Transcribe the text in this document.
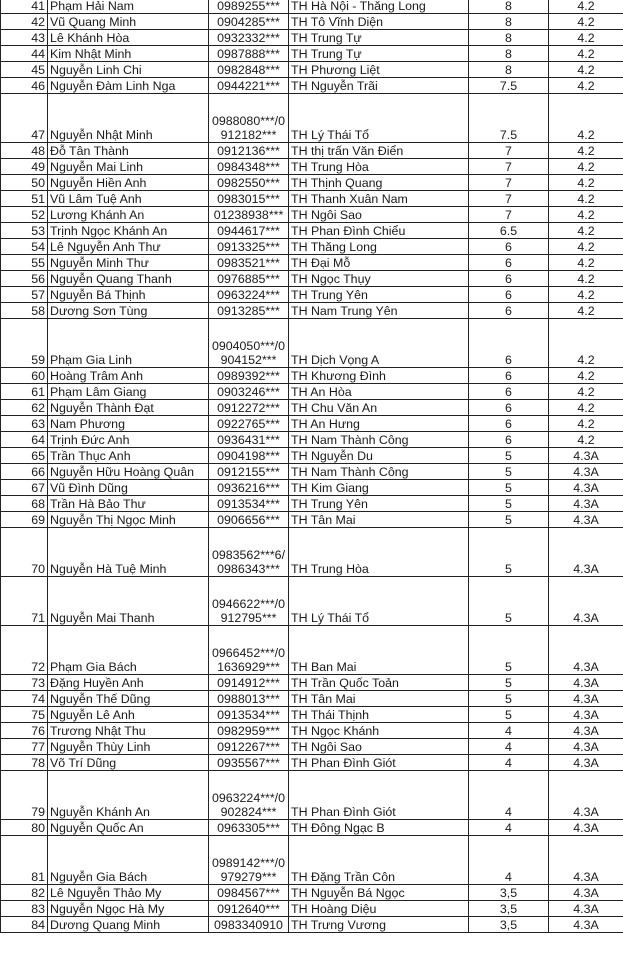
41	Phạm Hải Nam	0989255***	TH Hà Nội - Thăng Long	8	4.2
42	Vũ Quang Minh	0904285***	TH Tô Vĩnh Diện	8	4.2
43	Lê Khánh Hòa	0932332***	TH Trung Tự	8	4.2
44	Kim Nhật Minh	0987888***	TH Trung Tự	8	4.2
45	Nguyễn Linh Chi	0982848***	TH Phương Liệt	8	4.2
46	Nguyễn Đàm Linh Nga	0944221***	TH Nguyễn Trãi	7.5	4.2
47	Nguyễn Nhật Minh	0988080***/0
912182***	TH Lý Thái Tổ	7.5	4.2
48	Đỗ Tân Thành	0912136***	TH thị trấn Văn Điển	7	4.2
49	Nguyễn Mai Linh	0984348***	TH Trung Hòa	7	4.2
50	Nguyễn Hiền Anh	0982550***	TH Thịnh Quang	7	4.2
51	Vũ Lâm Tuệ Anh	0983015***	TH Thanh Xuân Nam	7	4.2
52	Lương Khánh An	01238938***	TH Ngôi Sao	7	4.2
53	Trịnh Ngọc Khánh An	0944617***	TH Phan Đình Chiểu	6.5	4.2
54	Lê Nguyễn Anh Thư	0913325***	TH Thăng Long	6	4.2
55	Nguyễn Minh Thư	0983521***	TH Đại Mỗ	6	4.2
56	Nguyễn Quang Thanh	0976885***	TH Ngọc Thụy	6	4.2
57	Nguyễn Bá Thịnh	0963224***	TH Trung Yên	6	4.2
58	Dương Sơn Tùng	0913285***	TH Nam Trung Yên	6	4.2
59	Phạm Gia Linh	0904050***/0
904152***	TH Dịch Vọng A	6	4.2
60	Hoàng Trâm Anh	0989392***	TH Khương Đình	6	4.2
61	Phạm Lâm Giang	0903246***	TH An Hòa	6	4.2
62	Nguyễn Thành Đạt	0912272***	TH Chu Văn An	6	4.2
63	Nam Phương	0922765***	TH An Hưng	6	4.2
64	Trịnh Đức Anh	0936431***	TH Nam Thành Công	6	4.2
65	Trần Thục Anh	0904198***	TH Nguyễn Du	5	4.3A
66	Nguyễn Hữu Hoàng Quân	0912155***	TH Nam Thành Công	5	4.3A
67	Vũ Đình Dũng	0936216***	TH Kim Giang	5	4.3A
68	Trần Hà Bảo Thư	0913534***	TH Trung Yên	5	4.3A
69	Nguyễn Thị Ngọc Minh	0906656***	TH Tân Mai	5	4.3A
70	Nguyễn Hà Tuệ Minh	0983562***6/
0986343***	TH Trung Hòa	5	4.3A
71	Nguyễn Mai Thanh	0946622***/0
912795***	TH Lý Thái Tổ	5	4.3A
72	Phạm Gia Bách	0966452***/0
1636929***	TH Ban Mai	5	4.3A
73	Đặng Huyền Anh	0914912***	TH Trần Quốc Toản	5	4.3A
74	Nguyễn Thế Dũng	0988013***	TH Tân Mai	5	4.3A
75	Nguyễn Lê Anh	0913534***	TH Thái Thịnh	5	4.3A
76	Trương Nhật Thu	0982959***	TH Ngọc Khánh	4	4.3A
77	Nguyễn Thùy Linh	0912267***	TH Ngôi Sao	4	4.3A
78	Võ Trí Dũng	0935567***	TH Phan Đình Giót	4	4.3A
79	Nguyễn Khánh An	0963224***/0
902824***	TH Phan Đình Giót	4	4.3A
80	Nguyễn Quốc An	0963305***	TH Đông Ngạc B	4	4.3A
81	Nguyễn Gia Bách	0989142***/0
979279***	TH Đặng Trần Côn	4	4.3A
82	Lê Nguyễn Thảo My	0984567***	TH Nguyễn Bá Ngọc	3,5	4.3A
83	Nguyễn Ngọc Hà My	0912640***	TH Hoàng Diệu	3,5	4.3A
84	Dương Quang Minh	0983340910	TH Trưng Vương	3,5	4.3A
